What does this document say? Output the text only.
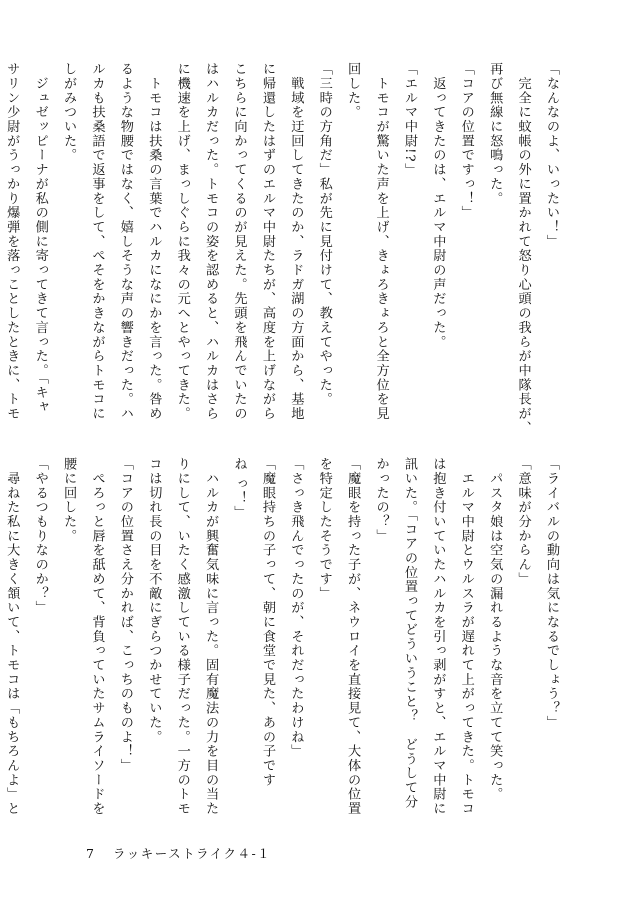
「なんなのよ、いったい！」

　完全に蚊帳の外に置かれて怒り心頭の我らが中隊長が、

再び無線に怒鳴った。

「コアの位置ですっ！」

　返ってきたのは、エルマ中尉の声だった。

「エルマ中尉!?」

　トモコが驚いた声を上げ、きょろきょろと全方位を見

回した。

「三時の方角だ」私が先に見付けて、教えてやった。

　戦域を迂回してきたのか、ラドガ湖の方面から、基地

に帰還したはずのエルマ中尉たちが、高度を上げながら

こちらに向かってくるのが見えた。先頭を飛んでいたの

はハルカだった。トモコの姿を認めると、ハルカはさら

に機速を上げ、まっしぐらに我々の元へとやってきた。

　トモコは扶桑の言葉でハルカになにかを言った。咎め

るような物腰ではなく、嬉しそうな声の響きだった。ハ

ルカも扶桑語で返事をして、ぺそをかきながらトモコに

しがみついた。

　ジュゼッピーナが私の側に寄ってきて言った。「キャ

サリン少尉がうっかり爆弾を落っことしたときに、トモ

「ライバルの動向は気になるでしょう？」

「意味が分からん」

　パスタ娘は空気の漏れるような音を立てて笑った。

　エルマ中尉とウルスラが遅れて上がってきた。トモコ

は抱き付いていたハルカを引っ剥がすと、エルマ中尉に

訊いた。「コアの位置ってどういうこと？　どうして分

かったの？」

「魔眼を持った子が、ネウロイを直接見て、大体の位置

を特定したそうです」

「さっき飛んでったのが、それだったわけね」

「魔眼持ちの子って、朝に食堂で見た、あの子です

ね っ！」

　ハルカが興奮気味に言った。固有魔法の力を目の当た

りにして、いたく感激している様子だった。一方のトモ

コは切れ長の目を不敵にぎらつかせていた。

「コアの位置さえ分かれば、こっちのものよ！」

　ぺろっと唇を舐めて、背負っていたサムライソードを

腰に回した。

「やるつもりなのか？」

　尋ねた私に大きく頷いて、トモコは「もちろんよ」と

7 ラッキーストライク４-１
